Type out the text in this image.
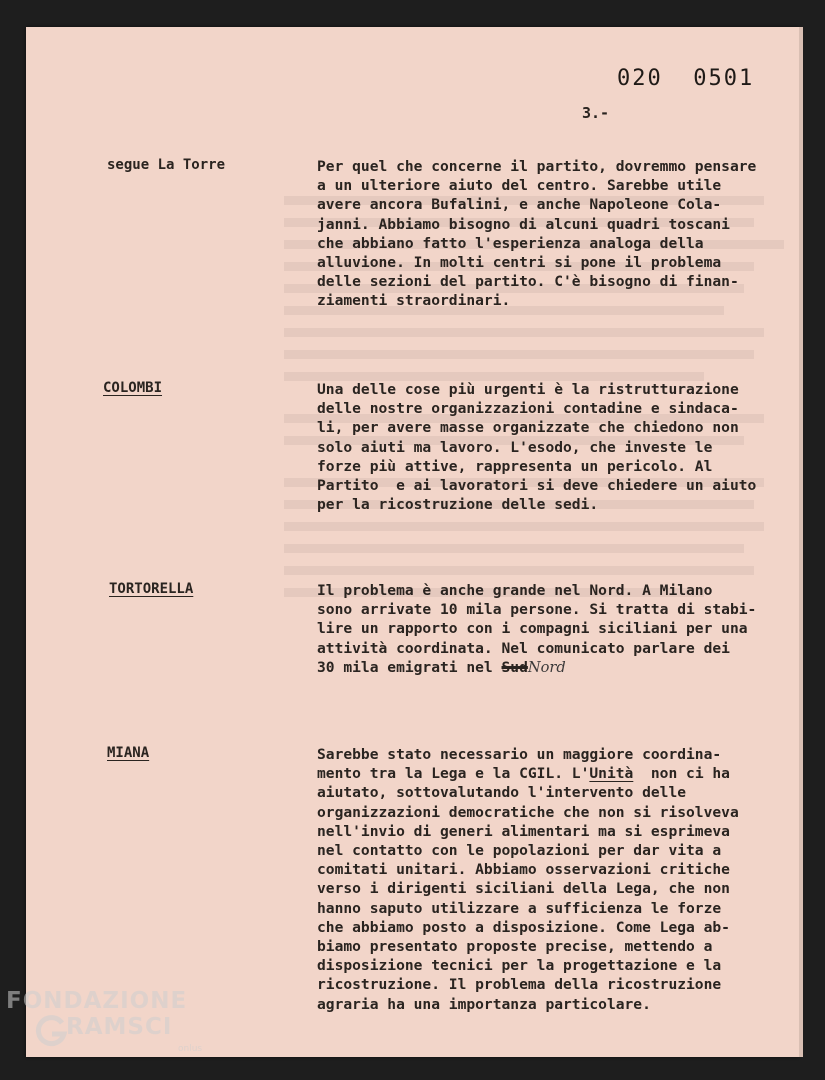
020  0501
3.-
segue La Torre	Per quel che concerne il partito, dovremmo pensare
a un ulteriore aiuto del centro. Sarebbe utile
avere ancora Bufalini, e anche Napoleone Cola-
janni. Abbiamo bisogno di alcuni quadri toscani
che abbiano fatto l'esperienza analoga della
alluvione. In molti centri si pone il problema
delle sezioni del partito. C'è bisogno di finan-
ziamenti straordinari.
COLOMBI	Una delle cose più urgenti è la ristrutturazione
delle nostre organizzazioni contadine e sindaca-
li, per avere masse organizzate che chiedono non
solo aiuti ma lavoro. L'esodo, che investe le
forze più attive, rappresenta un pericolo. Al
Partito  e ai lavoratori si deve chiedere un aiuto
per la ricostruzione delle sedi.
TORTORELLA	Il problema è anche grande nel Nord. A Milano
sono arrivate 10 mila persone. Si tratta di stabi-
lire un rapporto con i compagni siciliani per una
attività coordinata. Nel comunicato parlare dei
30 mila emigrati nel SudNord
MIANA	Sarebbe stato necessario un maggiore coordina-
mento tra la Lega e la CGIL. L'Unità  non ci ha
aiutato, sottovalutando l'intervento delle
organizzazioni democratiche che non si risolveva
nell'invio di generi alimentari ma si esprimeva
nel contatto con le popolazioni per dar vita a
comitati unitari. Abbiamo osservazioni critiche
verso i dirigenti siciliani della Lega, che non
hanno saputo utilizzare a sufficienza le forze
che abbiamo posto a disposizione. Come Lega ab-
biamo presentato proposte precise, mettendo a
disposizione tecnici per la progettazione e la
ricostruzione. Il problema della ricostruzione
agraria ha una importanza particolare.
FONDAZIONE
RAMSCI
onlus
